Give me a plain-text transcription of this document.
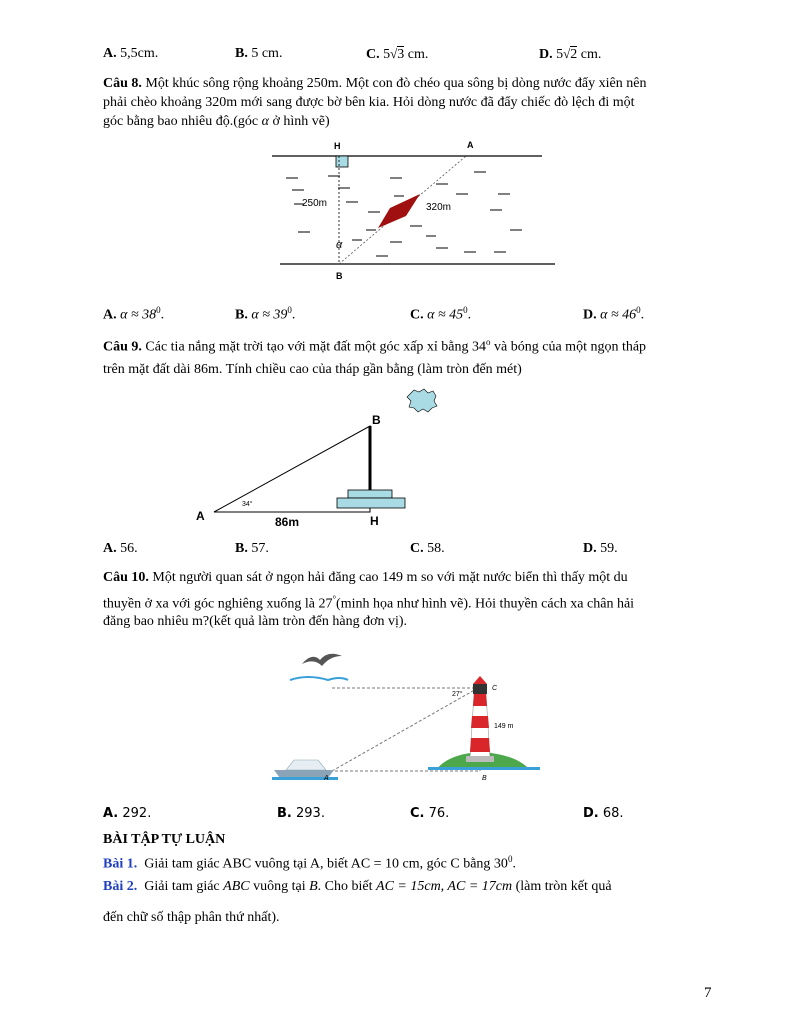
A. 5,5cm.	B. 5 cm.	C. 5√3 cm.	D. 5√2 cm.
Câu 8. Một khúc sông rộng khoảng 250m. Một con đò chéo qua sông bị dòng nước đẩy xiên nên
phải chèo khoảng 320m mới sang được bờ bên kia. Hỏi dòng nước đã đẩy chiếc đò lệch đi một
góc bằng bao nhiêu độ.(góc α ở hình vẽ)
H	A
B
250m	320m
α
A. $\alpha \approx 38^0$.	B. $\alpha \approx 39^0$.	C. $\alpha \approx 45^0$.	D. $\alpha \approx 46^0$.
Câu 9. Các tia nắng mặt trời tạo với mặt đất một góc xấp xỉ bằng 34$^o$ và bóng của một ngọn tháp
trên mặt đất dài 86m. Tính chiều cao của tháp gần bằng (làm tròn đến mét)
B
A	H
86m
34°
A. 56.	B. 57.	C. 58.	D. 59.
Câu 10. Một người quan sát ở ngọn hải đăng cao 149 m so với mặt nước biển thì thấy một du
thuyền ở xa với góc nghiêng xuống là 27°(minh họa như hình vẽ). Hỏi thuyền cách xa chân hải
đăng bao nhiêu m?(kết quả làm tròn đến hàng đơn vị).
27°
C
149 m
A	B
A. 292.	B. 293.	C. 76.	D. 68.
BÀI TẬP TỰ LUẬN
Bài 1. Giải tam giác ABC vuông tại A, biết AC = 10 cm, góc C bằng $30^0$.
Bài 2. Giải tam giác ABC vuông tại B. Cho biết AC = 15cm, AC = 17cm (làm tròn kết quả
đến chữ số thập phân thứ nhất).
7
